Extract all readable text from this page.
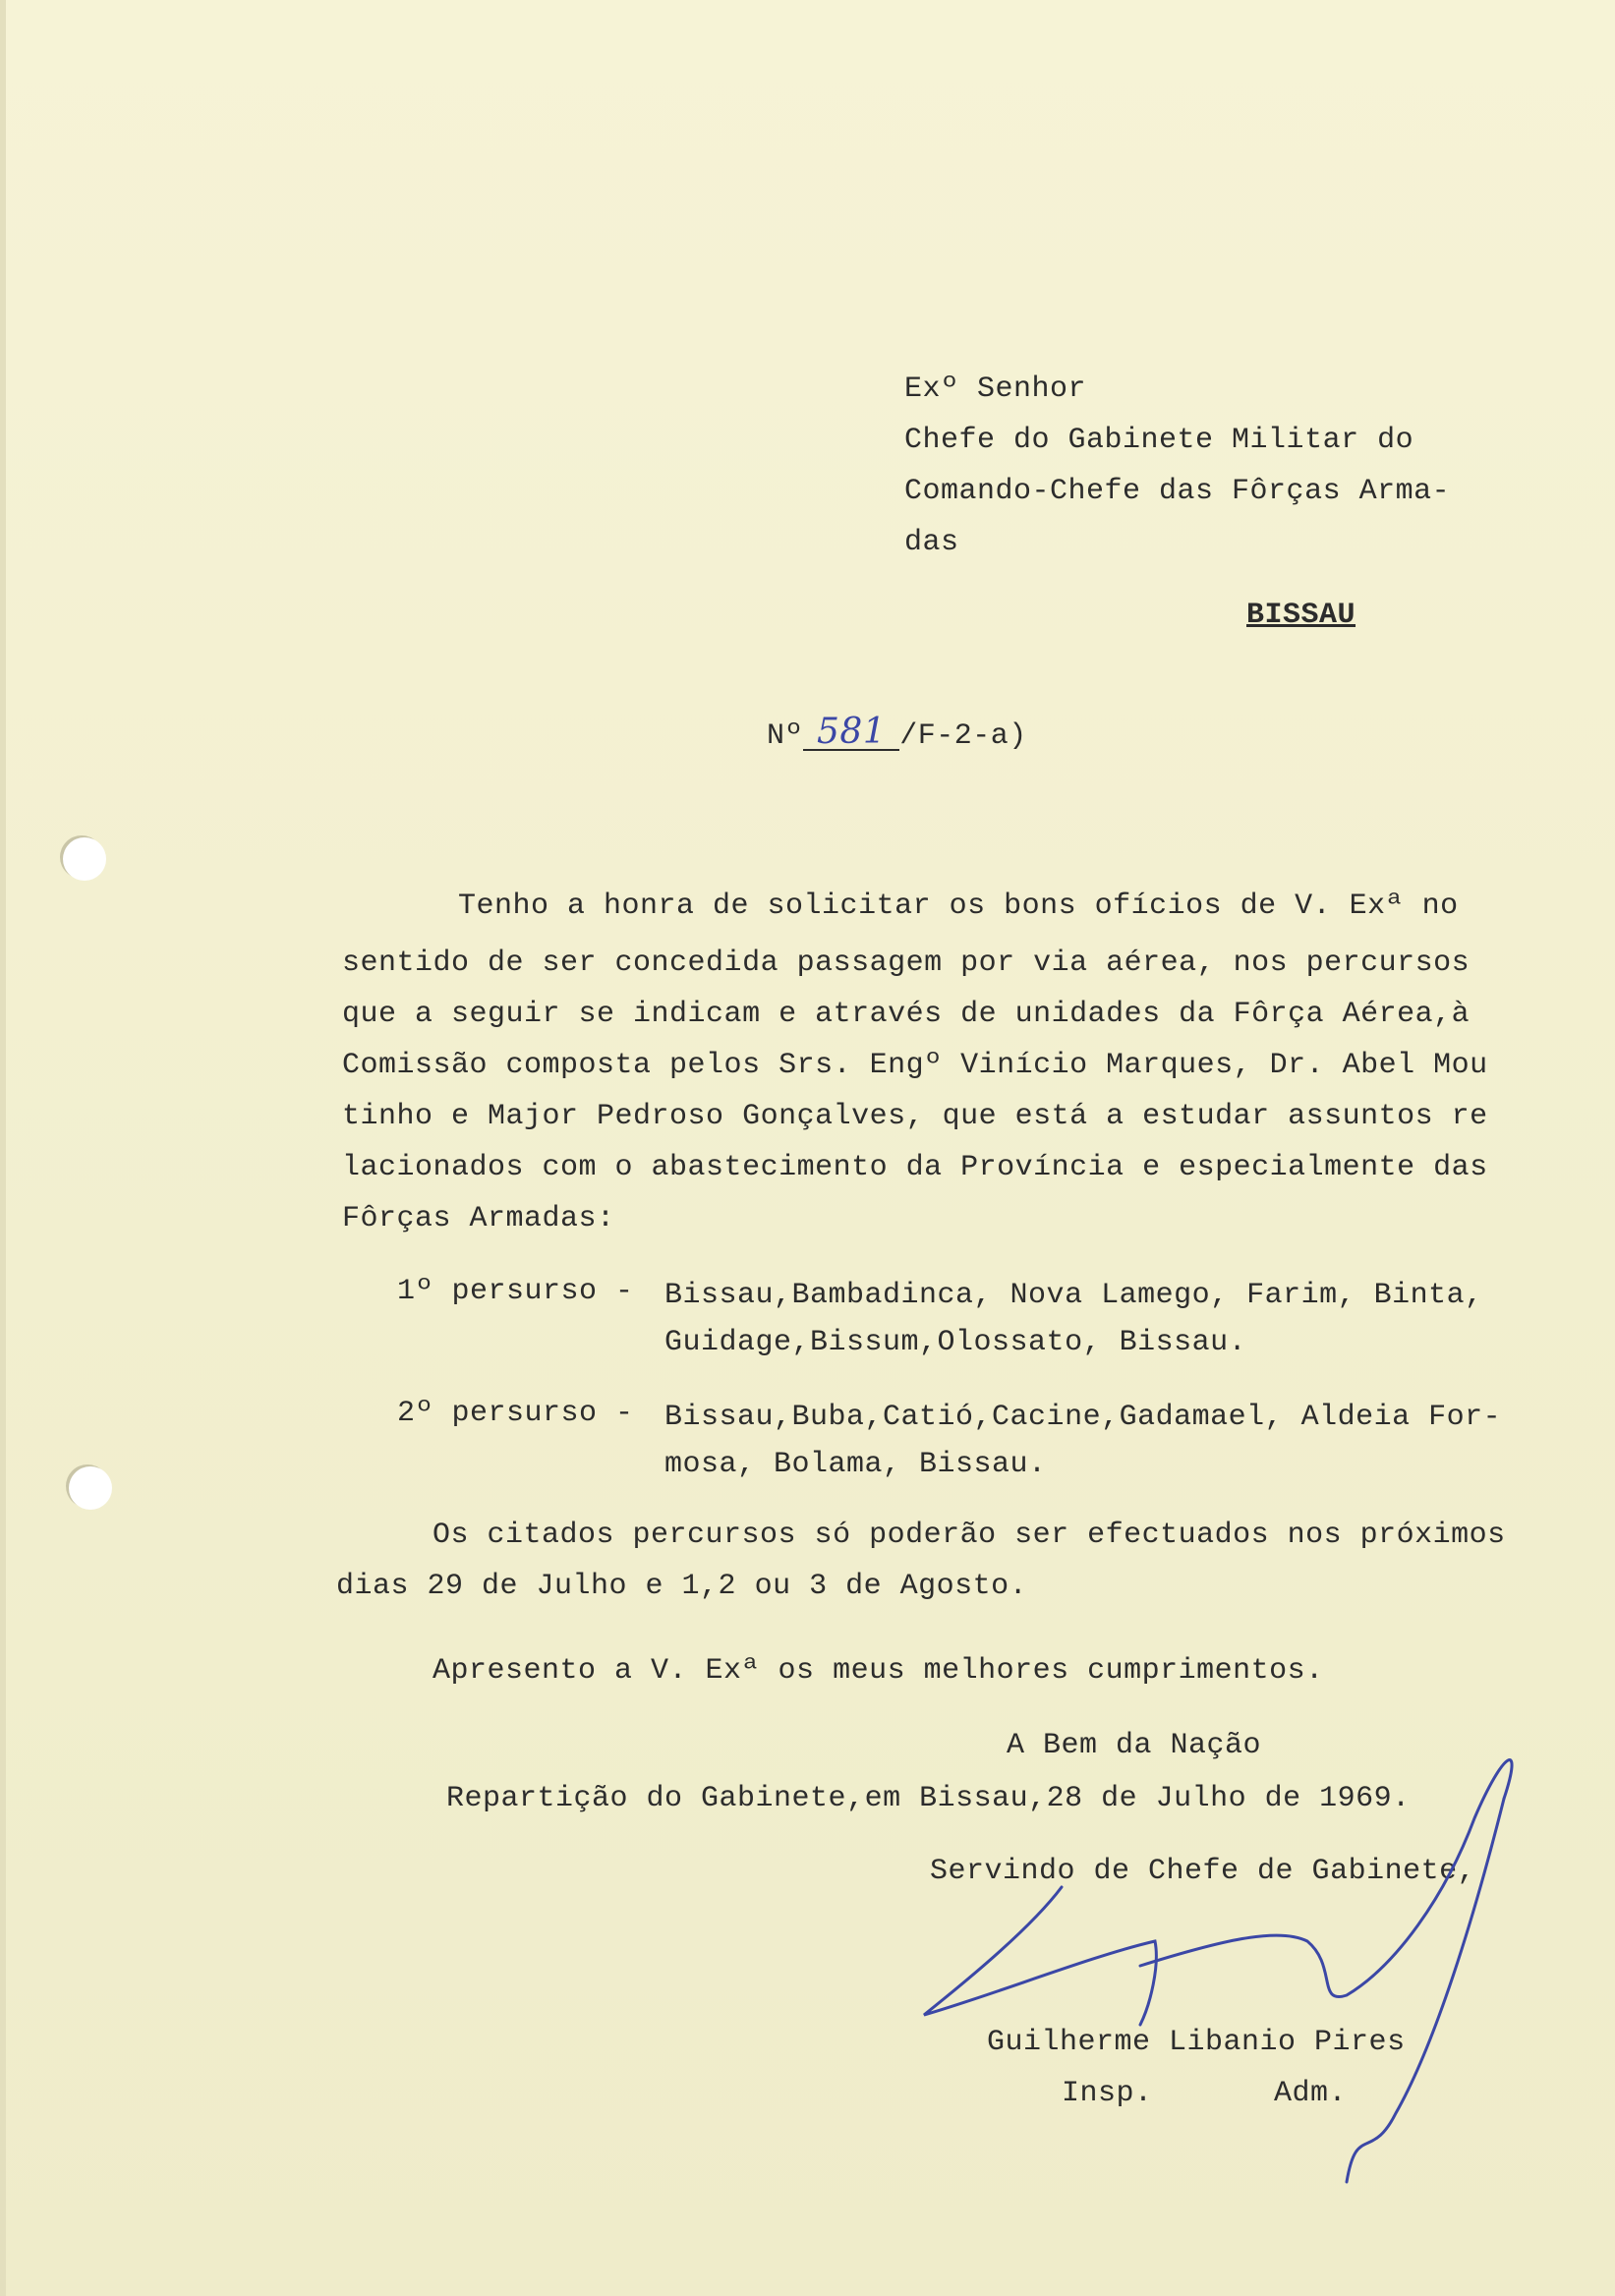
Exº Senhor
Chefe do Gabinete Militar do
Comando-Chefe das Fôrças Arma-
das
BISSAU
Nº 581 /F-2-a)
Tenho a honra de solicitar os bons ofícios de V. Exª no
sentido de ser concedida passagem por via aérea, nos percursos
que a seguir se indicam e através de unidades da Fôrça Aérea,à
Comissão composta pelos Srs. Engº Vinício Marques, Dr. Abel Mou
tinho e Major Pedroso Gonçalves, que está a estudar assuntos re
lacionados com o abastecimento da Província e especialmente das
Fôrças Armadas:
1º persurso - Bissau,Bambadinca, Nova Lamego, Farim, Binta,
Guidage,Bissum,Olossato, Bissau.
2º persurso - Bissau,Buba,Catió,Cacine,Gadamael, Aldeia For-
mosa, Bolama, Bissau.
Os citados percursos só poderão ser efectuados nos próximos
dias 29 de Julho e 1,2 ou 3 de Agosto.
Apresento a V. Exª os meus melhores cumprimentos.
A Bem da Nação
Repartição do Gabinete,em Bissau,28 de Julho de 1969.
Servindo de Chefe de Gabinete,
Guilherme Libanio Pires
Insp.	Adm.
